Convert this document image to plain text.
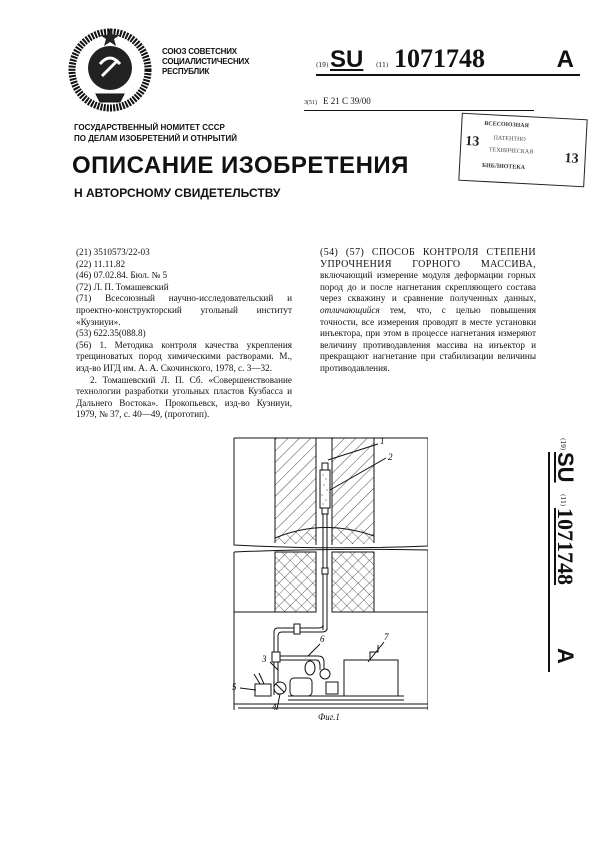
СОЮЗ СОВЕТСНИХ
СОЦИАЛИСТИЧЕСНИХ
РЕСПУБЛИК
(19) SU (11) 1071748	A
3(51) E 21 C 39/00
ВСЕСОЮЗНАЯ
ПАТЕНТНО
ТЕХНИЧЕСКАЯ
БИБЛИОТЕКА
13
13
ГОСУДАРСТВЕННЫЙ НОМИТЕТ СССР
ПО ДЕЛАМ ИЗОБРЕТЕНИЙ И ОТНРЫТИЙ
ОПИСАНИЕ ИЗОБРЕТЕНИЯ
Н АВТОРСНОМУ СВИДЕТЕЛЬСТВУ

(21) 3510573/22-03

(22) 11.11.82

(46) 07.02.84. Бюл. № 5

(72) Л. П. Томашевский

(71) Всесоюзный научно-исследовательский и проектно-конструкторский угольный институт «Кузниуи».

(53) 622.35(088.8)

(56) 1. Методика контроля качества укрепления трещиноватых пород химическими растворами. М., изд-во ИГД им. А. А. Скочинского, 1978, с. 3—32.

2. Томашевский Л. П. Сб. «Совершенствование технологии разработки угольных пластов Кузбасса и Дальнего Востока». Прокопьевск, изд-во Кузниуи, 1979, № 37, с. 40—49, (прототип).

(54) (57) СПОСОБ КОНТРОЛЯ СТЕПЕНИ УПРОЧНЕНИЯ ГОРНОГО МАССИВА, включающий измерение модуля деформации горных пород до и после нагнетания скрепляющего состава через скважину и сравнение полученных данных, отличающийся тем, что, с целью повышения точности, все измерения проводят в месте установки инъектора, при этом в процессе нагнетания измеряют величину противодавления массива на инъектор и прекращают нагнетание при стабилизации величины противодавления.
(19)
SU
(11)
1071748
A
1
2
3
4
5
6	7
Фиг.1
